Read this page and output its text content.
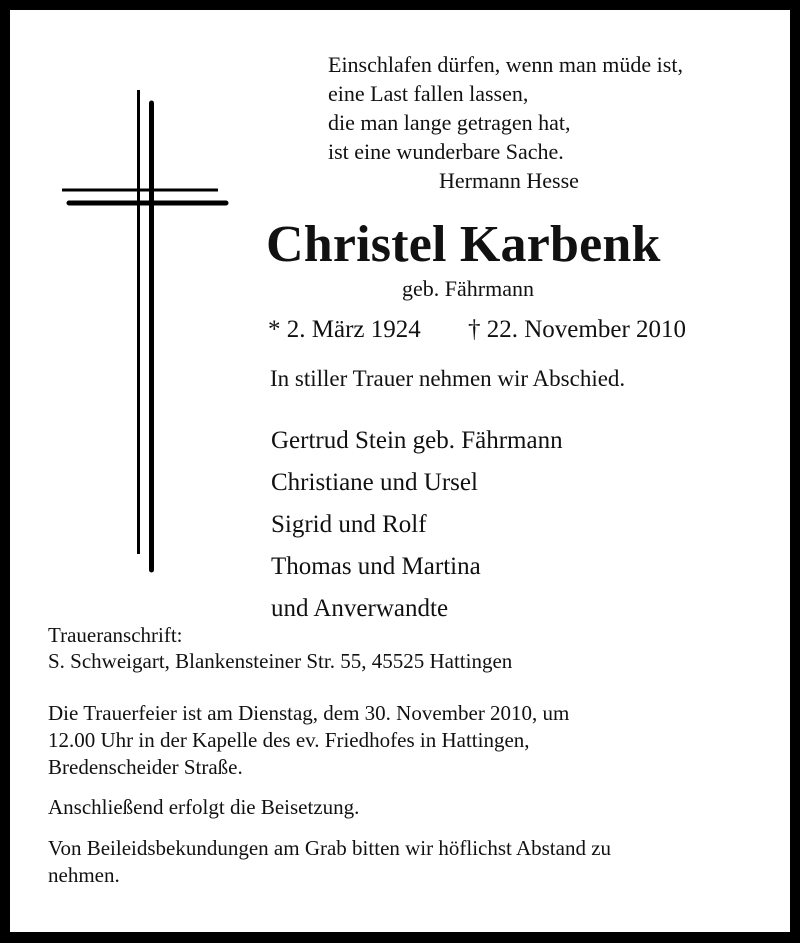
Einschlafen dürfen, wenn man müde ist,
eine Last fallen lassen,
die man lange getragen hat,
ist eine wunderbare Sache.
Hermann Hesse
Christel Karbenk
geb. Fährmann
* 2. März 1924 † 22. November 2010
In stiller Trauer nehmen wir Abschied.
Gertrud Stein geb. Fährmann
Christiane und Ursel
Sigrid und Rolf
Thomas und Martina
und Anverwandte
Traueranschrift:
S. Schweigart, Blankensteiner Str. 55, 45525 Hattingen
Die Trauerfeier ist am Dienstag, dem 30. November 2010, um
12.00 Uhr in der Kapelle des ev. Friedhofes in Hattingen,
Bredenscheider Straße.
Anschließend erfolgt die Beisetzung.
Von Beileidsbekundungen am Grab bitten wir höflichst Abstand zu
nehmen.
